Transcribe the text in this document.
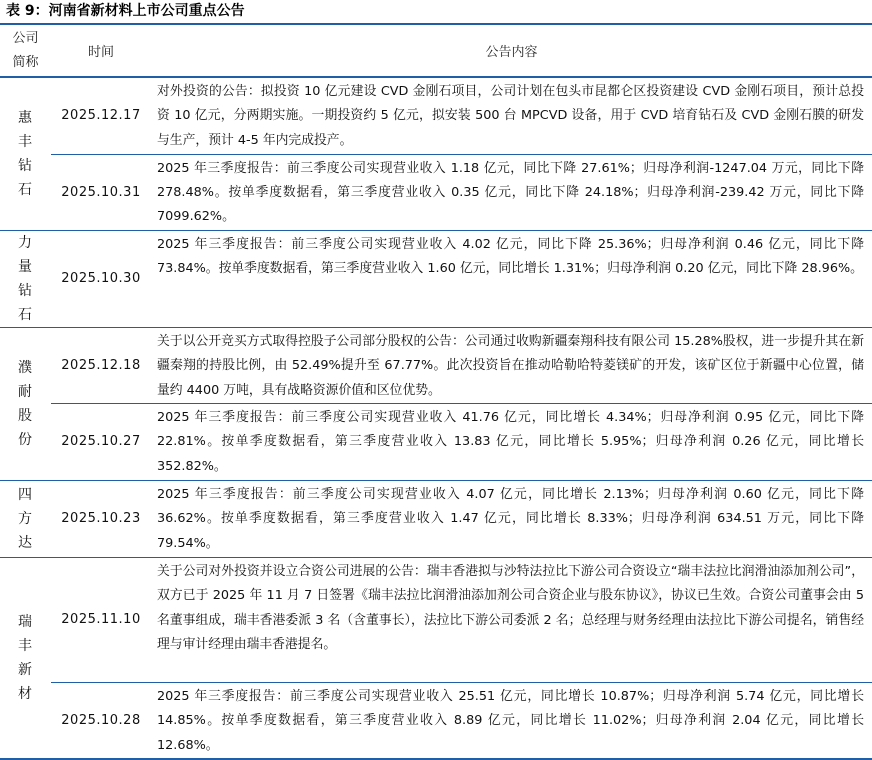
表 9：河南省新材料上市公司重点公告
公司简称	时间	公告内容
惠丰钻石	2025.12.17	对外投资的公告：拟投资 10 亿元建设 CVD 金刚石项目，公司计划在包头市昆都仑区投资建设 CVD 金刚石项目，预计总投资 10 亿元，分两期实施。一期投资约 5 亿元，拟安装 500 台 MPCVD 设备，用于 CVD 培育钻石及 CVD 金刚石膜的研发与生产，预计 4-5 年内完成投产。
	2025.10.31	2025 年三季度报告：前三季度公司实现营业收入 1.18 亿元，同比下降 27.61%；归母净利润-1247.04 万元，同比下降 278.48%。按单季度数据看，第三季度营业收入 0.35 亿元，同比下降 24.18%；归母净利润-239.42 万元，同比下降 7099.62%。
力量钻石	2025.10.30	2025 年三季度报告：前三季度公司实现营业收入 4.02 亿元，同比下降 25.36%；归母净利润 0.46 亿元，同比下降 73.84%。按单季度数据看，第三季度营业收入 1.60 亿元，同比增长 1.31%；归母净利润 0.20 亿元，同比下降 28.96%。
濮耐股份	2025.12.18	关于以公开竞买方式取得控股子公司部分股权的公告：公司通过收购新疆秦翔科技有限公司 15.28%股权，进一步提升其在新疆秦翔的持股比例，由 52.49%提升至 67.77%。此次投资旨在推动哈勒哈特菱镁矿的开发，该矿区位于新疆中心位置，储量约 4400 万吨，具有战略资源价值和区位优势。
	2025.10.27	2025 年三季度报告：前三季度公司实现营业收入 41.76 亿元，同比增长 4.34%；归母净利润 0.95 亿元，同比下降 22.81%。按单季度数据看，第三季度营业收入 13.83 亿元，同比增长 5.95%；归母净利润 0.26 亿元，同比增长 352.82%。
四方达	2025.10.23	2025 年三季度报告：前三季度公司实现营业收入 4.07 亿元，同比增长 2.13%；归母净利润 0.60 亿元，同比下降 36.62%。按单季度数据看，第三季度营业收入 1.47 亿元，同比增长 8.33%；归母净利润 634.51 万元，同比下降 79.54%。
瑞丰新材	2025.11.10	关于公司对外投资并设立合资公司进展的公告：瑞丰香港拟与沙特法拉比下游公司合资设立“瑞丰法拉比润滑油添加剂公司”，双方已于 2025 年 11 月 7 日签署《瑞丰法拉比润滑油添加剂公司合资企业与股东协议》，协议已生效。合资公司董事会由 5 名董事组成，瑞丰香港委派 3 名（含董事长），法拉比下游公司委派 2 名；总经理与财务经理由法拉比下游公司提名，销售经理与审计经理由瑞丰香港提名。
	2025.10.28	2025 年三季度报告：前三季度公司实现营业收入 25.51 亿元，同比增长 10.87%；归母净利润 5.74 亿元，同比增长 14.85%。按单季度数据看，第三季度营业收入 8.89 亿元，同比增长 11.02%；归母净利润 2.04 亿元，同比增长 12.68%。
